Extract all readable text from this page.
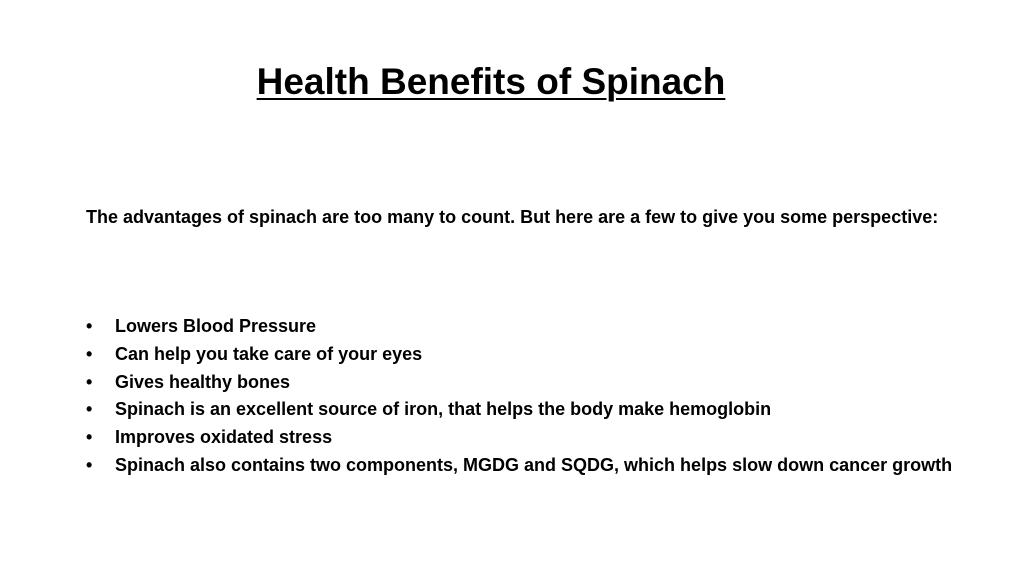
Health Benefits of Spinach

The advantages of spinach are too many to count. But here are a few to give you some perspective:

• Lowers Blood Pressure
• Can help you take care of your eyes
• Gives healthy bones
• Spinach is an excellent source of iron, that helps the body make hemoglobin
• Improves oxidated stress
• Spinach also contains two components, MGDG and SQDG, which helps slow down cancer growth
